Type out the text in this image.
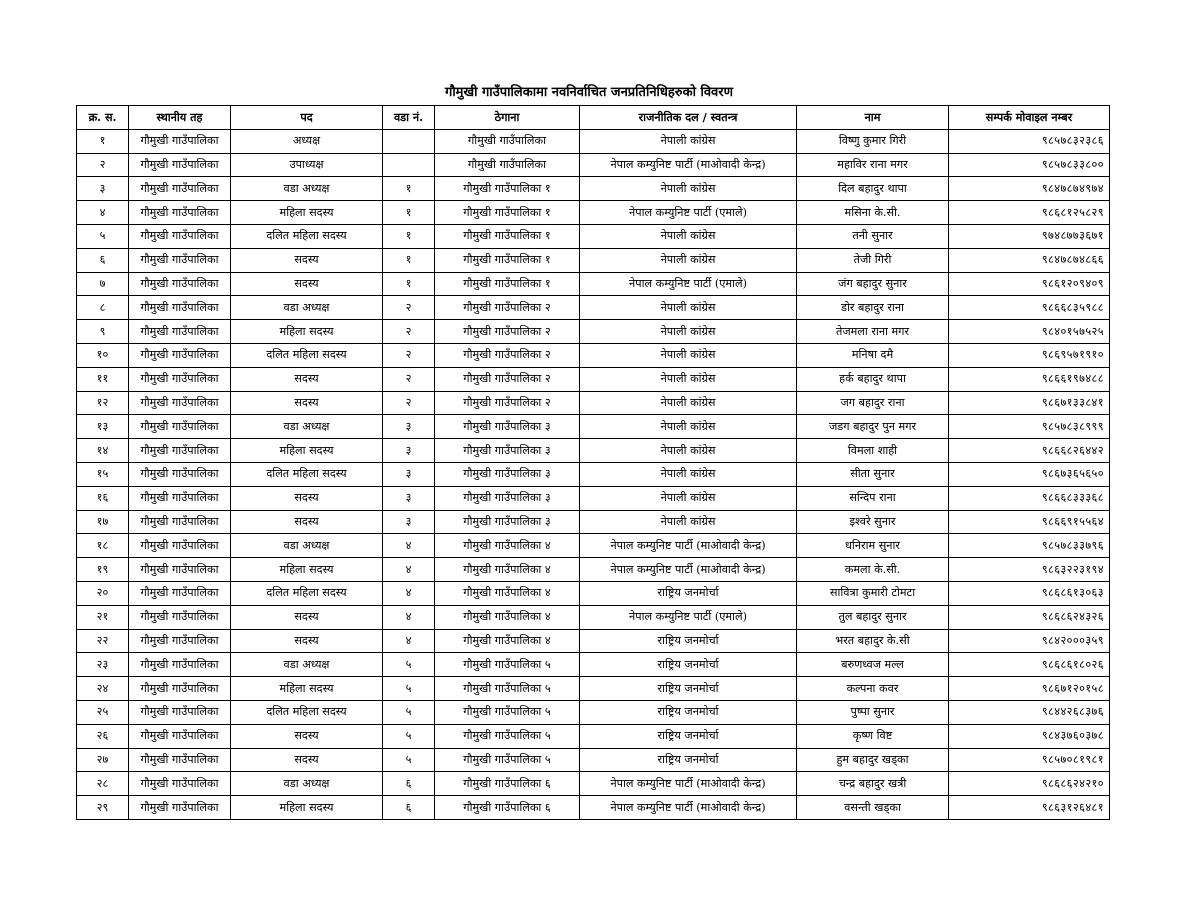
गौमुखी गाउँपालिकामा नवनिर्वाचित जनप्रतिनिधिहरुको विवरण
क्र. स.	स्थानीय तह	पद	वडा नं.	ठेगाना	राजनीतिक दल / स्वतन्त्र	नाम	सम्पर्क मोवाइल नम्बर
१	गौमुखी गाउँपालिका	अध्यक्ष		गौमुखी गाउँपालिका	नेपाली कांग्रेस	विष्णु कुमार गिरी	९८५७८३२३८६
२	गौमुखी गाउँपालिका	उपाध्यक्ष		गौमुखी गाउँपालिका	नेपाल कम्युनिष्ट पार्टी (माओवादी केन्द्र)	महाविर राना मगर	९८५७८३३८००
३	गौमुखी गाउँपालिका	वडा अध्यक्ष	१	गौमुखी गाउँपालिका १	नेपाली कांग्रेस	दिल बहादुर थापा	९८४७८७४९७४
४	गौमुखी गाउँपालिका	महिला सदस्य	१	गौमुखी गाउँपालिका १	नेपाल कम्युनिष्ट पार्टी (एमाले)	मसिना के.सी.	९८६८१२५८२९
५	गौमुखी गाउँपालिका	दलित महिला सदस्य	१	गौमुखी गाउँपालिका १	नेपाली कांग्रेस	तनी सुनार	९७४८७७३६७१
६	गौमुखी गाउँपालिका	सदस्य	१	गौमुखी गाउँपालिका १	नेपाली कांग्रेस	तेजी गिरी	९८४७८७४८६६
७	गौमुखी गाउँपालिका	सदस्य	१	गौमुखी गाउँपालिका १	नेपाल कम्युनिष्ट पार्टी (एमाले)	जंग बहादुर सुनार	९८६१२०९४०९
८	गौमुखी गाउँपालिका	वडा अध्यक्ष	२	गौमुखी गाउँपालिका २	नेपाली कांग्रेस	डोर बहादुर राना	९८६६८३५९८८
९	गौमुखी गाउँपालिका	महिला सदस्य	२	गौमुखी गाउँपालिका २	नेपाली कांग्रेस	तेजमला राना मगर	९८४०१५७५२५
१०	गौमुखी गाउँपालिका	दलित महिला सदस्य	२	गौमुखी गाउँपालिका २	नेपाली कांग्रेस	मनिषा दमै	९८६९५७१९१०
११	गौमुखी गाउँपालिका	सदस्य	२	गौमुखी गाउँपालिका २	नेपाली कांग्रेस	हर्क बहादुर थापा	९८६६१९७४८८
१२	गौमुखी गाउँपालिका	सदस्य	२	गौमुखी गाउँपालिका २	नेपाली कांग्रेस	जग बहादुर राना	९८६७१३३८४१
१३	गौमुखी गाउँपालिका	वडा अध्यक्ष	३	गौमुखी गाउँपालिका ३	नेपाली कांग्रेस	जडग बहादुर पुन मगर	९८५७८३८९९९
१४	गौमुखी गाउँपालिका	महिला सदस्य	३	गौमुखी गाउँपालिका ३	नेपाली कांग्रेस	विमला शाही	९८६६८२६४४२
१५	गौमुखी गाउँपालिका	दलित महिला सदस्य	३	गौमुखी गाउँपालिका ३	नेपाली कांग्रेस	सीता सुनार	९८६७३६५६५०
१६	गौमुखी गाउँपालिका	सदस्य	३	गौमुखी गाउँपालिका ३	नेपाली कांग्रेस	सन्दिप राना	९८६६८३३३६८
१७	गौमुखी गाउँपालिका	सदस्य	३	गौमुखी गाउँपालिका ३	नेपाली कांग्रेस	इश्वरे सुनार	९८६६९१५५६४
१८	गौमुखी गाउँपालिका	वडा अध्यक्ष	४	गौमुखी गाउँपालिका ४	नेपाल कम्युनिष्ट पार्टी (माओवादी केन्द्र)	धनिराम सुनार	९८५७८३३७९६
१९	गौमुखी गाउँपालिका	महिला सदस्य	४	गौमुखी गाउँपालिका ४	नेपाल कम्युनिष्ट पार्टी (माओवादी केन्द्र)	कमला के.सी.	९८६३२२३१९४
२०	गौमुखी गाउँपालिका	दलित महिला सदस्य	४	गौमुखी गाउँपालिका ४	राष्ट्रिय जनमोर्चा	सावित्रा कुमारी टोमटा	९८६८६१३०६३
२१	गौमुखी गाउँपालिका	सदस्य	४	गौमुखी गाउँपालिका ४	नेपाल कम्युनिष्ट पार्टी (एमाले)	तुल बहादुर सुनार	९८६८६२४३२६
२२	गौमुखी गाउँपालिका	सदस्य	४	गौमुखी गाउँपालिका ४	राष्ट्रिय जनमोर्चा	भरत बहादुर के.सी	९८४२०००३५९
२३	गौमुखी गाउँपालिका	वडा अध्यक्ष	५	गौमुखी गाउँपालिका ५	राष्ट्रिय जनमोर्चा	बरुणध्वज मल्ल	९८६८६१८०२६
२४	गौमुखी गाउँपालिका	महिला सदस्य	५	गौमुखी गाउँपालिका ५	राष्ट्रिय जनमोर्चा	कल्पना कवर	९८६७१२०१५८
२५	गौमुखी गाउँपालिका	दलित महिला सदस्य	५	गौमुखी गाउँपालिका ५	राष्ट्रिय जनमोर्चा	पुष्पा सुनार	९८४४२६८३७६
२६	गौमुखी गाउँपालिका	सदस्य	५	गौमुखी गाउँपालिका ५	राष्ट्रिय जनमोर्चा	कृष्ण विष्ट	९८४३७६०३७८
२७	गौमुखी गाउँपालिका	सदस्य	५	गौमुखी गाउँपालिका ५	राष्ट्रिय जनमोर्चा	हुम बहादुर खड्का	९८५७०८१९८१
२८	गौमुखी गाउँपालिका	वडा अध्यक्ष	६	गौमुखी गाउँपालिका ६	नेपाल कम्युनिष्ट पार्टी (माओवादी केन्द्र)	चन्द्र बहादुर खत्री	९८६८६२४२१०
२९	गौमुखी गाउँपालिका	महिला सदस्य	६	गौमुखी गाउँपालिका ६	नेपाल कम्युनिष्ट पार्टी (माओवादी केन्द्र)	वसन्ती खड्का	९८६३१२६४८१
